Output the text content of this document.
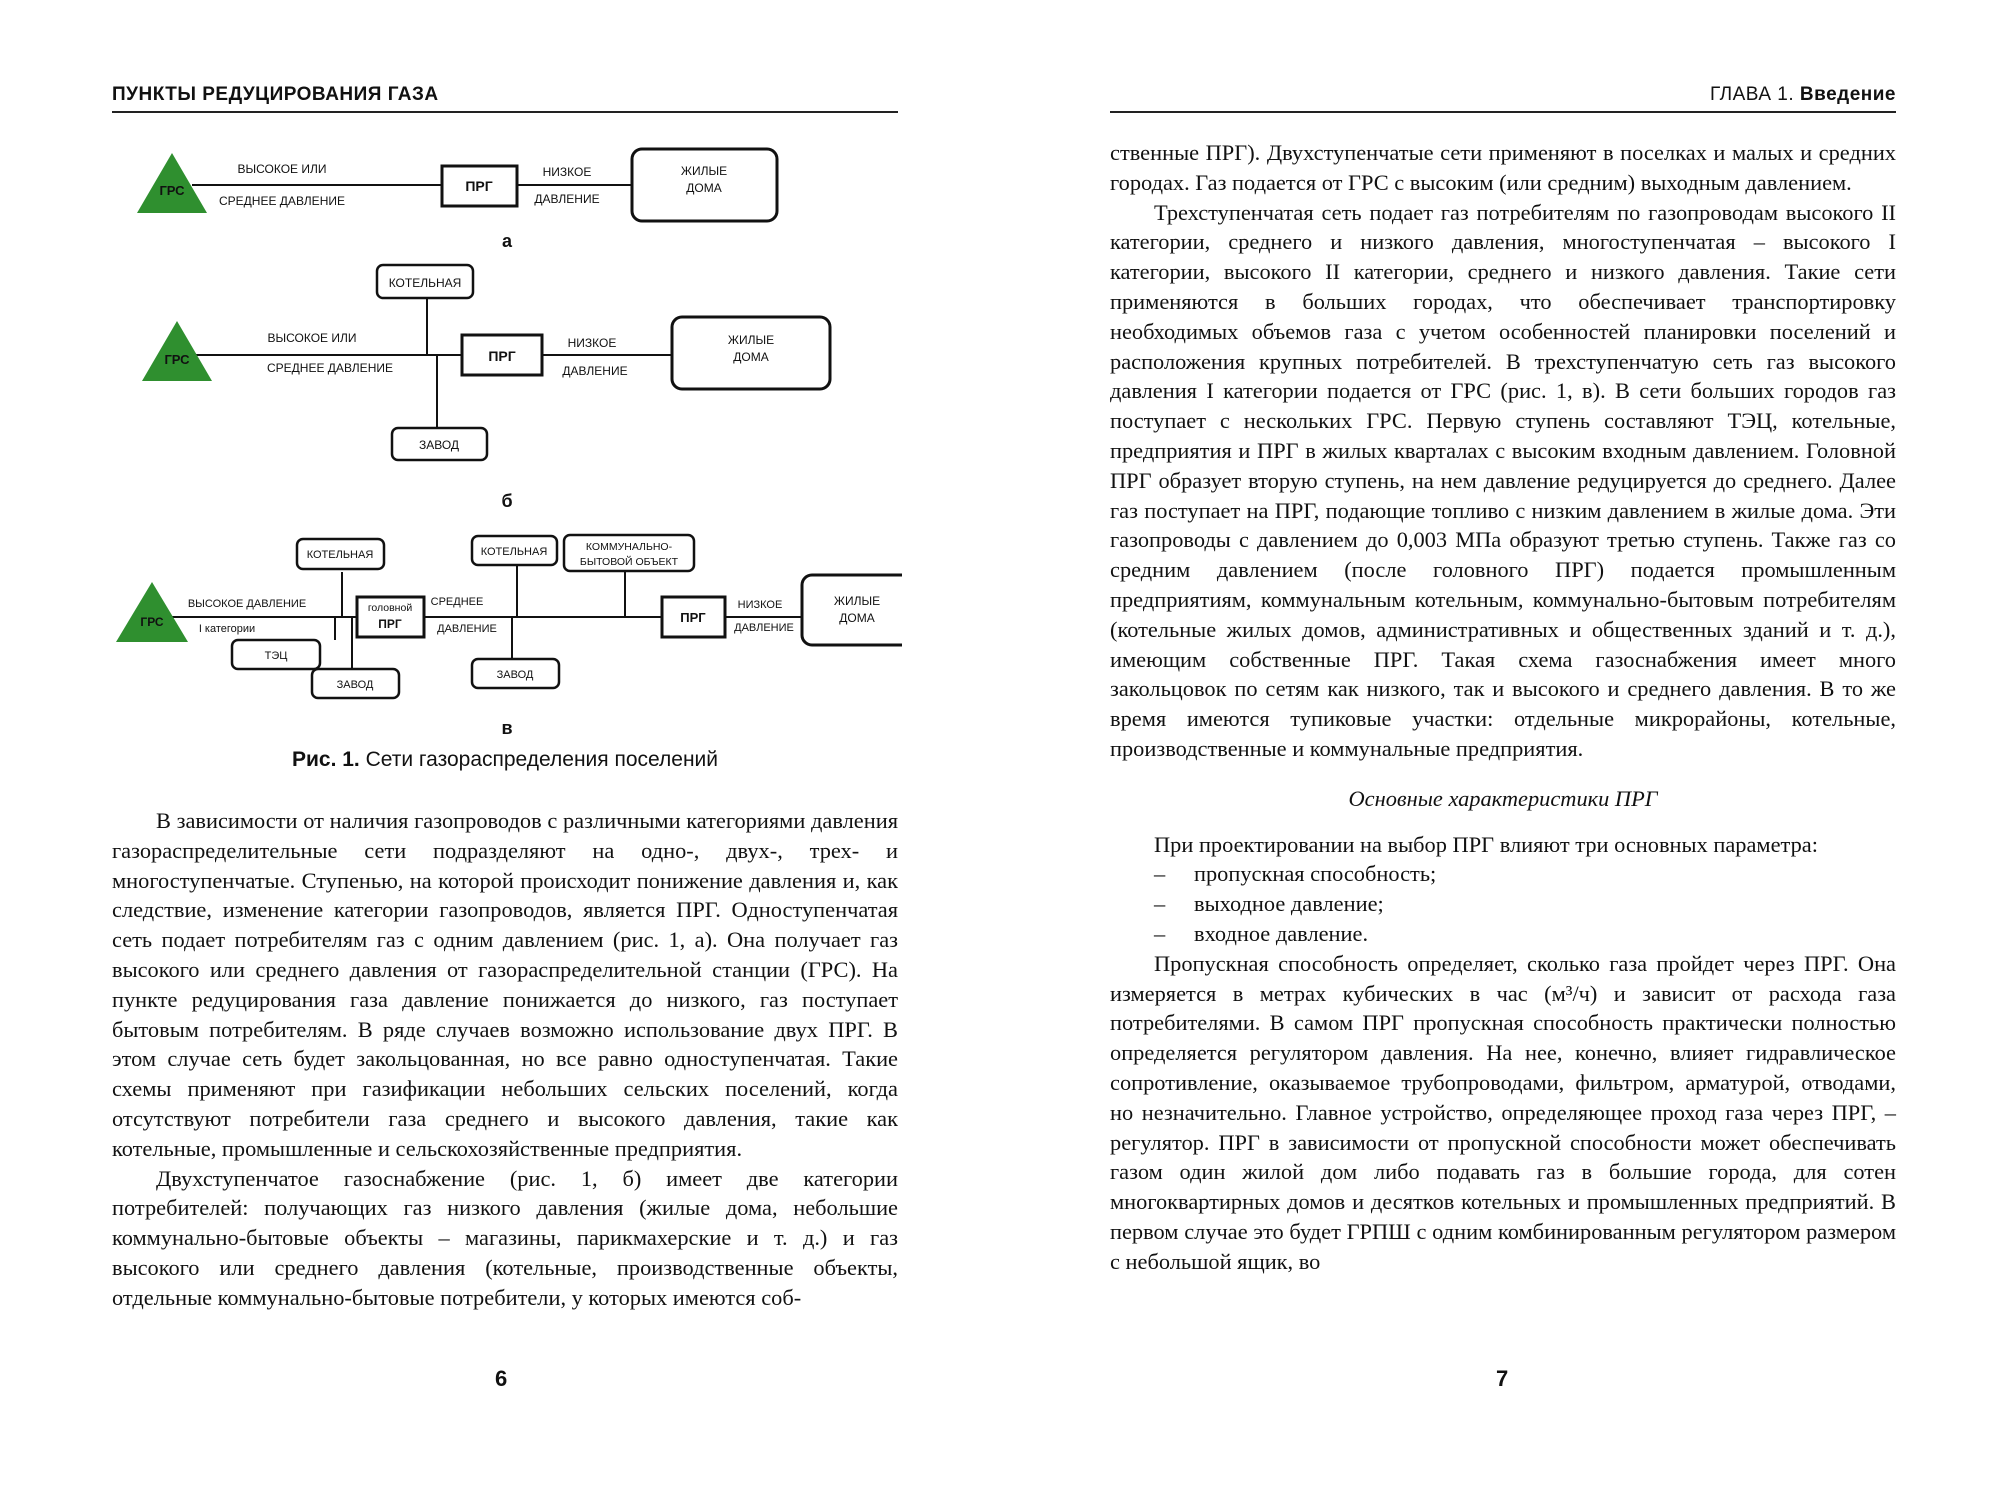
ПУНКТЫ РЕДУЦИРОВАНИЯ ГАЗА
ГРС
ВЫСОКОЕ ИЛИ
СРЕДНЕЕ ДАВЛЕНИЕ
ПРГ
НИЗКОЕ
ДАВЛЕНИЕ
ЖИЛЫЕ
ДОМА
а
КОТЕЛЬНАЯ
ГРС
ВЫСОКОЕ ИЛИ
СРЕДНЕЕ ДАВЛЕНИЕ
ПРГ
НИЗКОЕ
ДАВЛЕНИЕ
ЖИЛЫЕ
ДОМА
ЗАВОД
б
КОТЕЛЬНАЯ	КОТЕЛЬНАЯ	КОММУНАЛЬНО-
БЫТОВОЙ ОБЪЕКТ
ГРС
ВЫСОКОЕ ДАВЛЕНИЕ
I категории
головной
ПРГ
СРЕДНЕЕ
ДАВЛЕНИЕ
ПРГ
НИЗКОЕ
ДАВЛЕНИЕ
ЖИЛЫЕ
ДОМА
ТЭЦ
ЗАВОД
ЗАВОД
в
Рис. 1. Сети газораспределения поселений

В зависимости от наличия газопроводов с различными категориями давления газораспределительные сети подразделяют на одно-, двух-, трех- и многоступенчатые. Ступенью, на которой происходит понижение давления и, как следствие, изменение категории газопроводов, является ПРГ. Одноступенчатая сеть подает потребителям газ с одним давлением (рис. 1, а). Она получает газ высокого или среднего давления от газораспределительной станции (ГРС). На пункте редуцирования газа давление понижается до низкого, газ поступает бытовым потребителям. В ряде случаев возможно использование двух ПРГ. В этом случае сеть будет закольцованная, но все равно одноступенчатая. Такие схемы применяют при газификации небольших сельских поселений, когда отсутствуют потребители газа среднего и высокого давления, такие как котельные, промышленные и сельскохозяйственные предприятия.

Двухступенчатое газоснабжение (рис. 1, б) имеет две категории потребителей: получающих газ низкого давления (жилые дома, небольшие коммунально-бытовые объекты – магазины, парикмахерские и т. д.) и газ высокого или среднего давления (котельные, производственные объекты, отдельные коммунально-бытовые потребители, у которых имеются соб-

6
ГЛАВА 1. Введение

ственные ПРГ). Двухступенчатые сети применяют в поселках и малых и средних городах. Газ подается от ГРС с высоким (или средним) выходным давлением.

Трехступенчатая сеть подает газ потребителям по газопроводам высокого II категории, среднего и низкого давления, многоступенчатая – высокого I категории, высокого II категории, среднего и низкого давления. Такие сети применяются в больших городах, что обеспечивает транспортировку необходимых объемов газа с учетом особенностей планировки поселений и расположения крупных потребителей. В трехступенчатую сеть газ высокого давления I категории подается от ГРС (рис. 1, в). В сети больших городов газ поступает с нескольких ГРС. Первую ступень составляют ТЭЦ, котельные, предприятия и ПРГ в жилых кварталах с высоким входным давлением. Головной ПРГ образует вторую ступень, на нем давление редуцируется до среднего. Далее газ поступает на ПРГ, подающие топливо с низким давлением в жилые дома. Эти газопроводы с давлением до 0,003 МПа образуют третью ступень. Также газ со средним давлением (после головного ПРГ) подается промышленным предприятиям, коммунальным котельным, коммунально-бытовым потребителям (котельные жилых домов, административных и общественных зданий и т. д.), имеющим собственные ПРГ. Такая схема газоснабжения имеет много закольцовок по сетям как низкого, так и высокого и среднего давления. В то же время имеются тупиковые участки: отдельные микрорайоны, котельные, производственные и коммунальные предприятия.

Основные характеристики ПРГ

При проектировании на выбор ПРГ влияют три основных параметра:

– пропускная способность;

– выходное давление;

– входное давление.

Пропускная способность определяет, сколько газа пройдет через ПРГ. Она измеряется в метрах кубических в час (м³/ч) и зависит от расхода газа потребителями. В самом ПРГ пропускная способность практически полностью определяется регулятором давления. На нее, конечно, влияет гидравлическое сопротивление, оказываемое трубопроводами, фильтром, арматурой, отводами, но незначительно. Главное устройство, определяющее проход газа через ПРГ, – регулятор. ПРГ в зависимости от пропускной способности может обеспечивать газом один жилой дом либо подавать газ в большие города, для сотен многоквартирных домов и десятков котельных и промышленных предприятий. В первом случае это будет ГРПШ с одним комбинированным регулятором размером с небольшой ящик, во

7
